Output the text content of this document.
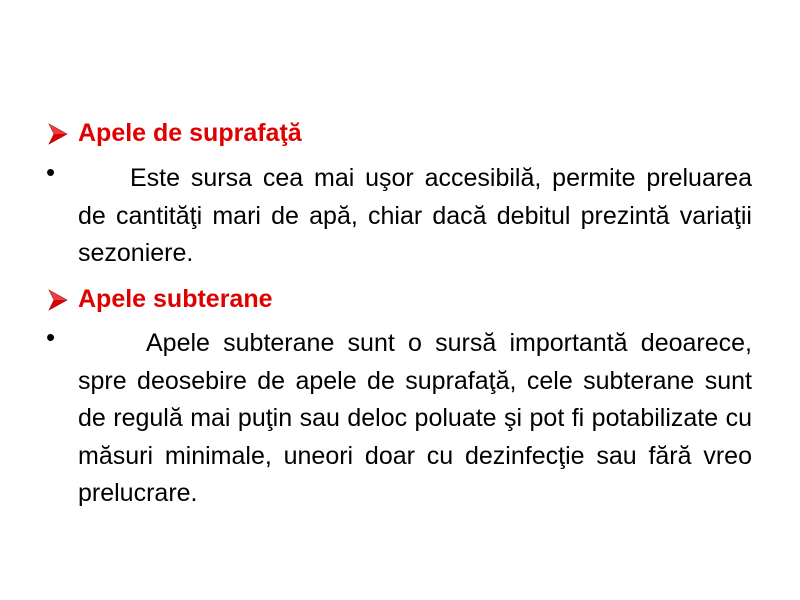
Apele de suprafaţă
•	Este sursa cea mai uşor accesibilă, permite preluarea de cantităţi mari de apă, chiar dacă debitul prezintă variaţii sezoniere.
Apele subterane
•	Apele subterane sunt o sursă importantă deoarece, spre deosebire de apele de suprafaţă, cele subterane sunt de regulă mai puţin sau deloc poluate şi pot fi potabilizate cu măsuri minimale, uneori doar cu dezinfecţie sau fără vreo prelucrare.
